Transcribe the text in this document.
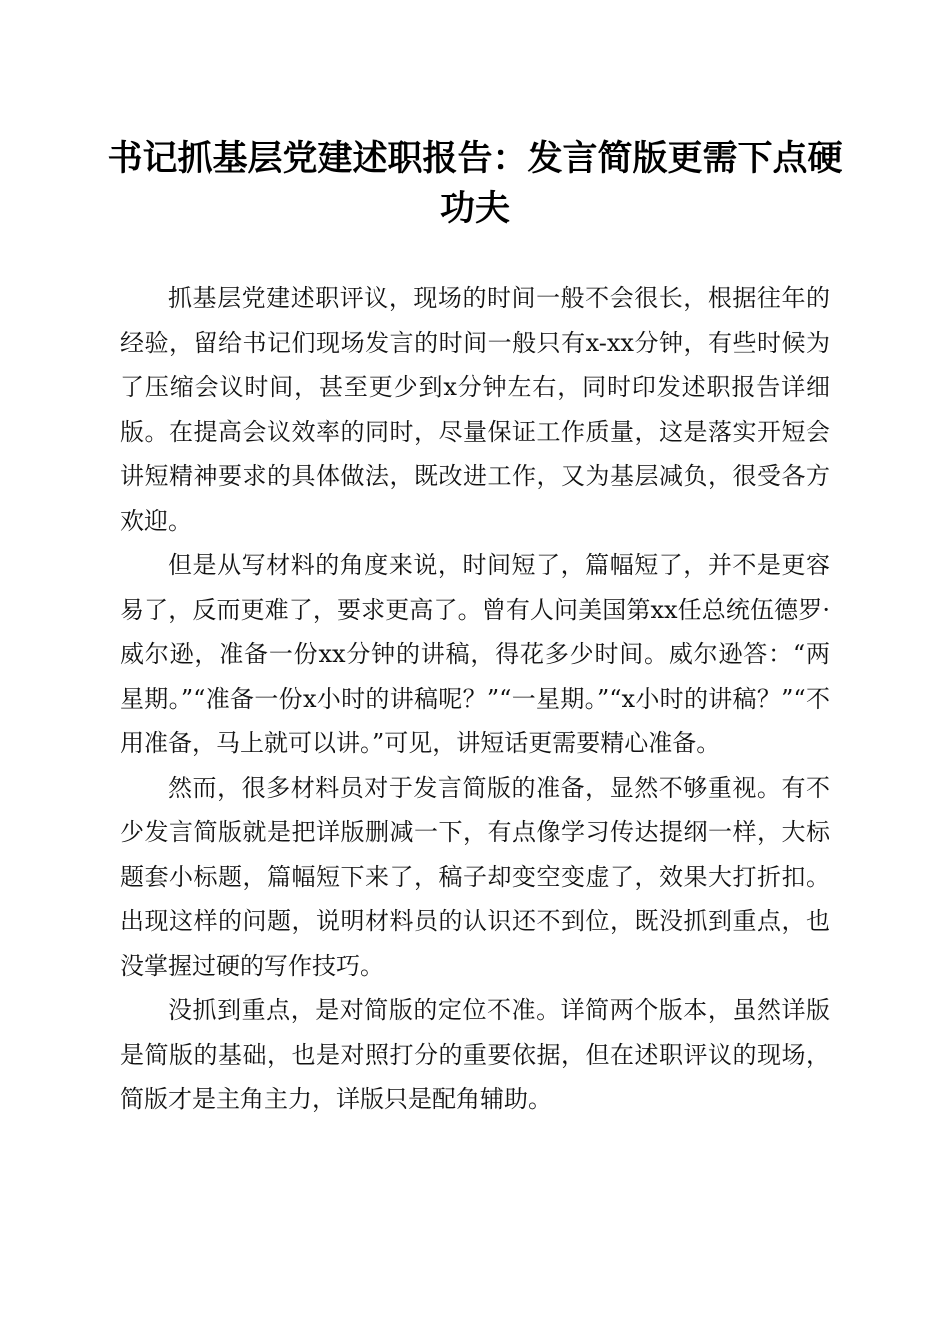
书记抓基层党建述职报告：发言简版更需下点硬功夫

抓基层党建述职评议，现场的时间一般不会很长，根据往年的经验，留给书记们现场发言的时间一般只有x-xx分钟，有些时候为了压缩会议时间，甚至更少到x分钟左右，同时印发述职报告详细版。在提高会议效率的同时，尽量保证工作质量，这是落实开短会讲短精神要求的具体做法，既改进工作，又为基层减负，很受各方欢迎。

但是从写材料的角度来说，时间短了，篇幅短了，并不是更容易了，反而更难了，要求更高了。曾有人问美国第xx任总统伍德罗·威尔逊，准备一份xx分钟的讲稿，得花多少时间。威尔逊答：“两星期。”“准备一份x小时的讲稿呢？”“一星期。”“x小时的讲稿？”“不用准备，马上就可以讲。”可见，讲短话更需要精心准备。

然而，很多材料员对于发言简版的准备，显然不够重视。有不少发言简版就是把详版删减一下，有点像学习传达提纲一样，大标题套小标题，篇幅短下来了，稿子却变空变虚了，效果大打折扣。出现这样的问题，说明材料员的认识还不到位，既没抓到重点，也没掌握过硬的写作技巧。

没抓到重点，是对简版的定位不准。详简两个版本，虽然详版是简版的基础，也是对照打分的重要依据，但在述职评议的现场，简版才是主角主力，详版只是配角辅助。
